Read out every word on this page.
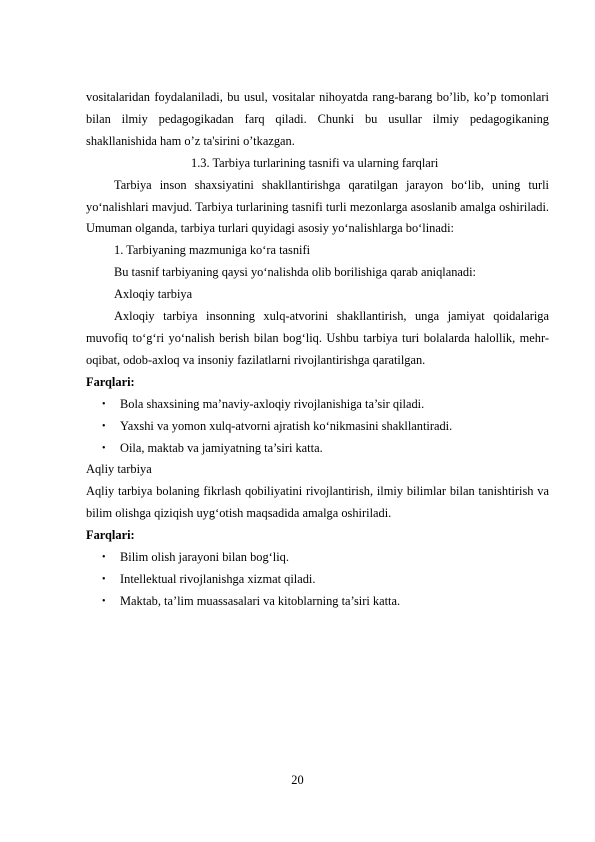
vositalaridan foydalaniladi, bu usul, vositalar nihoyatda rang-barang bo’lib, ko’p tomonlari bilan ilmiy pedagogikadan farq qiladi. Chunki bu usullar ilmiy pedagogikaning shakllanishida ham o’z ta'sirini o’tkazgan.

1.3. Tarbiya turlarining tasnifi va ularning farqlari

Tarbiya inson shaxsiyatini shakllantirishga qaratilgan jarayon bo‘lib, uning turli yo‘nalishlari mavjud. Tarbiya turlarining tasnifi turli mezonlarga asoslanib amalga oshiriladi. Umuman olganda, tarbiya turlari quyidagi asosiy yo‘nalishlarga bo‘linadi:

1. Tarbiyaning mazmuniga ko‘ra tasnifi

Bu tasnif tarbiyaning qaysi yo‘nalishda olib borilishiga qarab aniqlanadi:

Axloqiy tarbiya

Axloqiy tarbiya insonning xulq-atvorini shakllantirish, unga jamiyat qoidalariga muvofiq to‘g‘ri yo‘nalish berish bilan bog‘liq. Ushbu tarbiya turi bolalarda halollik, mehr-oqibat, odob-axloq va insoniy fazilatlarni rivojlantirishga qaratilgan.

Farqlari:

• Bola shaxsining ma’naviy-axloqiy rivojlanishiga ta’sir qiladi.
• Yaxshi va yomon xulq-atvorni ajratish ko‘nikmasini shakllantiradi.
• Oila, maktab va jamiyatning ta’siri katta.

Aqliy tarbiya

Aqliy tarbiya bolaning fikrlash qobiliyatini rivojlantirish, ilmiy bilimlar bilan tanishtirish va bilim olishga qiziqish uyg‘otish maqsadida amalga oshiriladi.

Farqlari:

• Bilim olish jarayoni bilan bog‘liq.
• Intellektual rivojlanishga xizmat qiladi.
• Maktab, ta’lim muassasalari va kitoblarning ta’siri katta.
20
